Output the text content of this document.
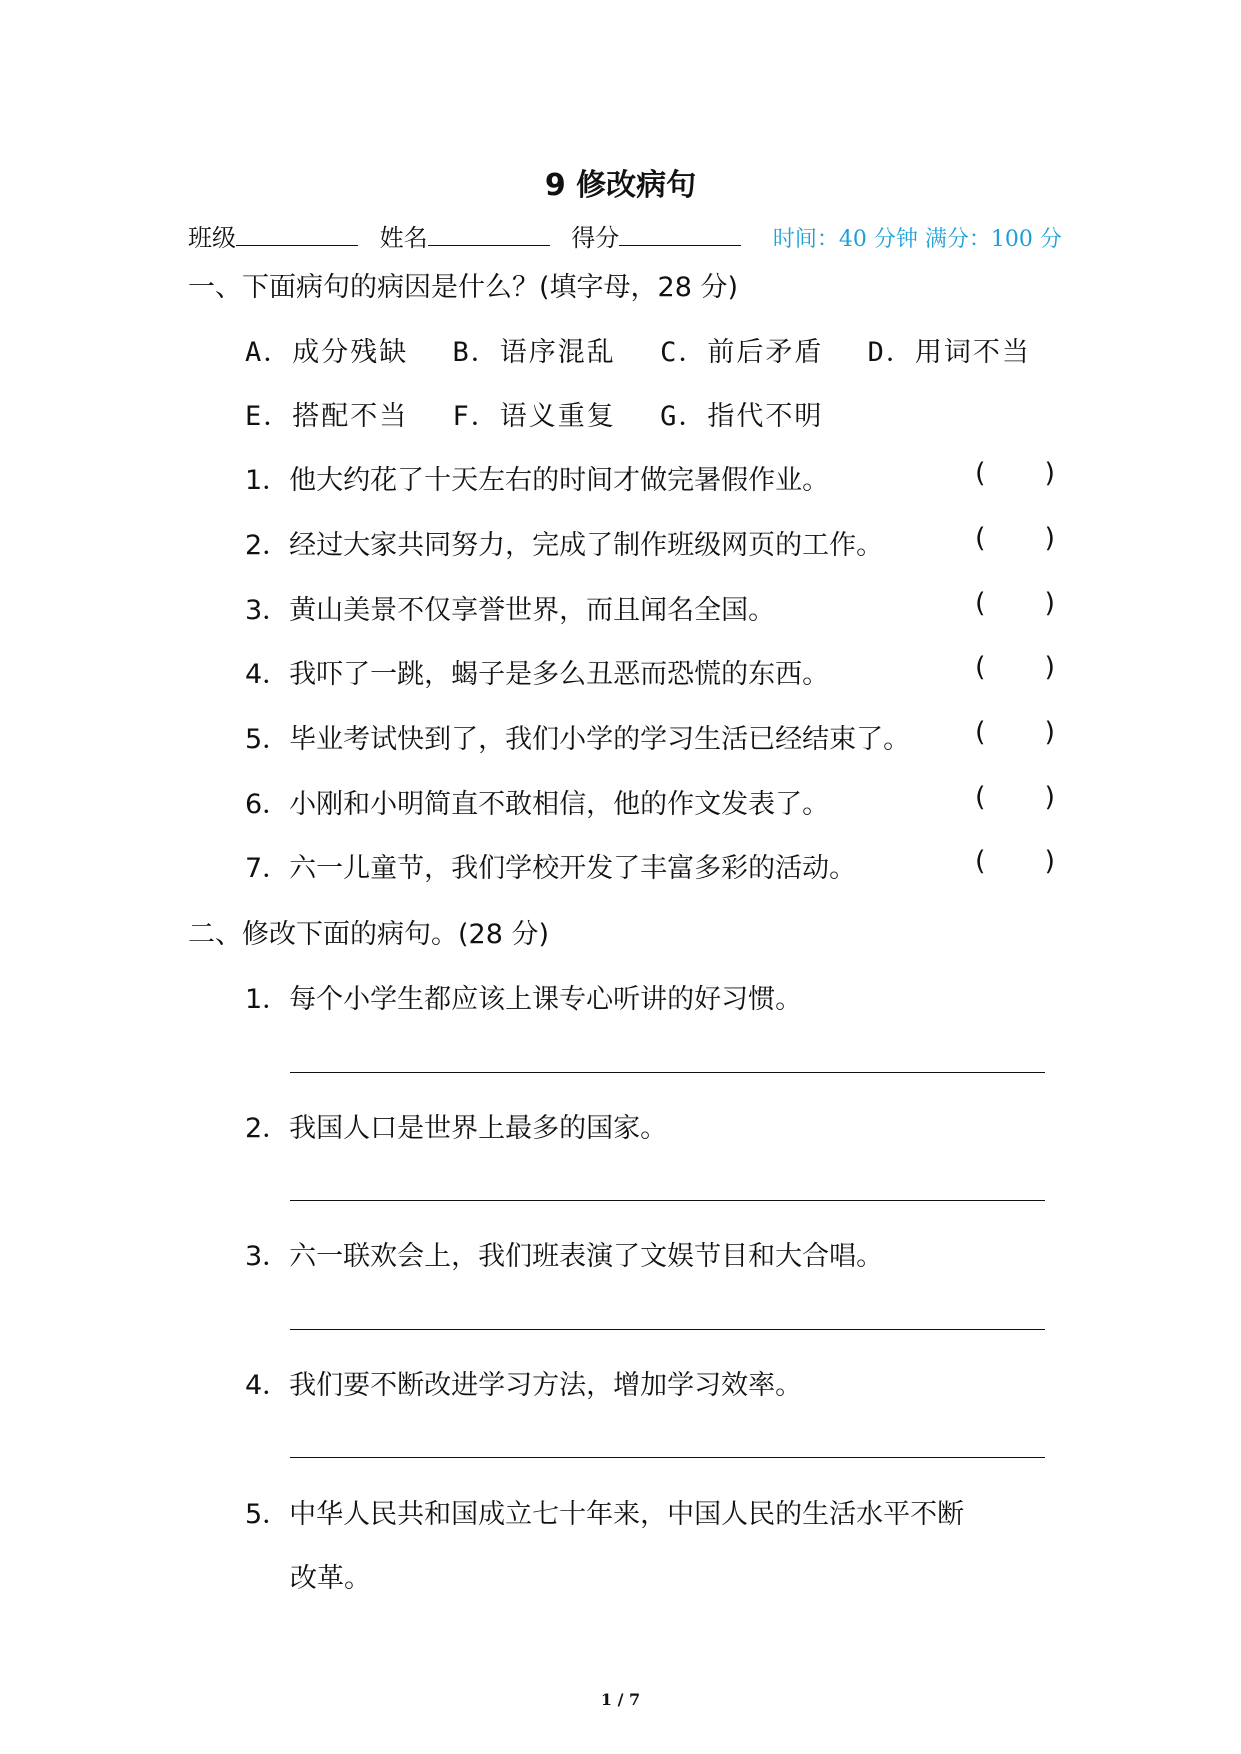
9 修改病句
班级	姓名	得分	时间：40 分钟 满分：100 分
一、下面病句的病因是什么？(填字母，28 分)
A．成分残缺 B．语序混乱 C．前后矛盾 D．用词不当
E．搭配不当 F．语义重复 G．指代不明
1．他大约花了十天左右的时间才做完暑假作业。	( )
2．经过大家共同努力，完成了制作班级网页的工作。	( )
3．黄山美景不仅享誉世界，而且闻名全国。	( )
4．我吓了一跳，蝎子是多么丑恶而恐慌的东西。	( )
5．毕业考试快到了，我们小学的学习生活已经结束了。 ( )
6．小刚和小明简直不敢相信，他的作文发表了。	( )
7．六一儿童节，我们学校开发了丰富多彩的活动。	( )
二、修改下面的病句。(28 分)
1．每个小学生都应该上课专心听讲的好习惯。
2．我国人口是世界上最多的国家。
3．六一联欢会上，我们班表演了文娱节目和大合唱。
4．我们要不断改进学习方法，增加学习效率。
5．中华人民共和国成立七十年来，中国人民的生活水平不断
改革。
1 / 7
